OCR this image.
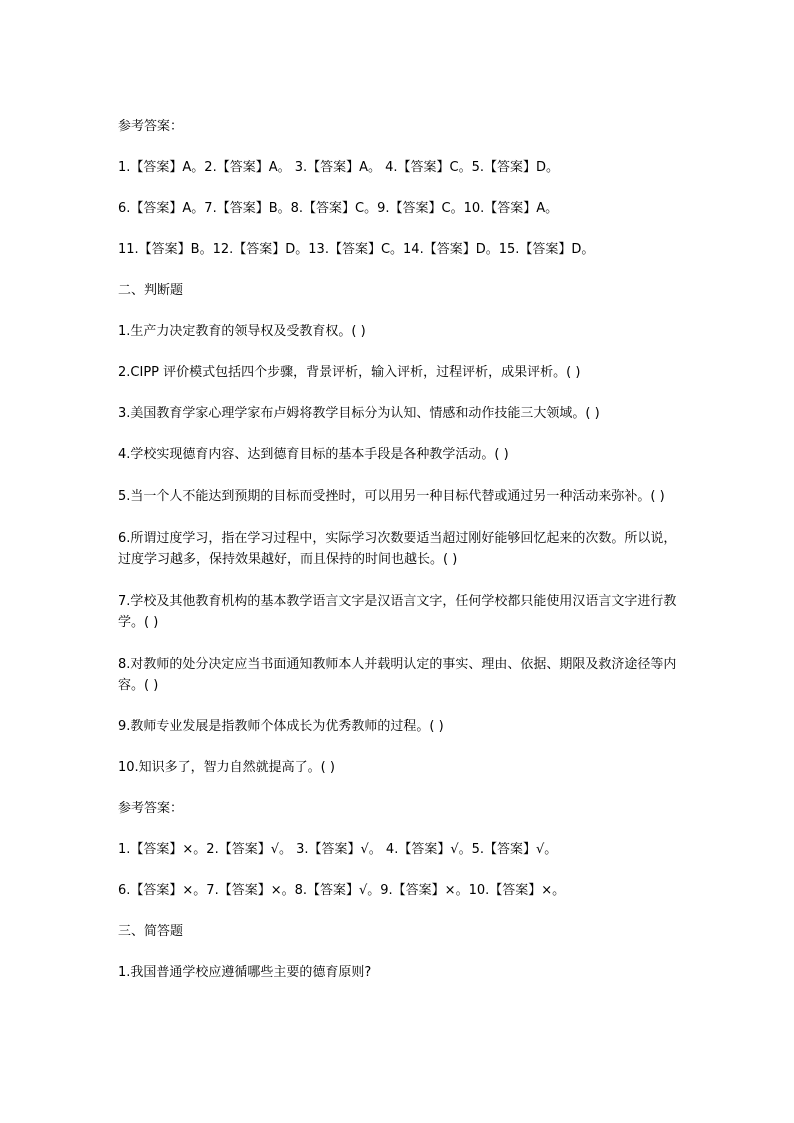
参考答案：
1.【答案】A。2.【答案】A。 3.【答案】A。 4.【答案】C。5.【答案】D。
6.【答案】A。7.【答案】B。8.【答案】C。9.【答案】C。10.【答案】A。
11.【答案】B。12.【答案】D。13.【答案】C。14.【答案】D。15.【答案】D。
二、判断题
1.生产力决定教育的领导权及受教育权。( )
2.CIPP 评价模式包括四个步骤，背景评析，输入评析，过程评析，成果评析。( )
3.美国教育学家心理学家布卢姆将教学目标分为认知、情感和动作技能三大领域。( )
4.学校实现德育内容、达到德育目标的基本手段是各种教学活动。( )
5.当一个人不能达到预期的目标而受挫时，可以用另一种目标代替或通过另一种活动来弥补。( )
6.所谓过度学习，指在学习过程中，实际学习次数要适当超过刚好能够回忆起来的次数。所以说， 过度学习越多，保持效果越好，而且保持的时间也越长。( )
7.学校及其他教育机构的基本教学语言文字是汉语言文字，任何学校都只能使用汉语言文字进行教学。( )
8.对教师的处分决定应当书面通知教师本人并载明认定的事实、理由、依据、期限及救济途径等内容。( )
9.教师专业发展是指教师个体成长为优秀教师的过程。( )
10.知识多了，智力自然就提高了。( )
参考答案：
1.【答案】×。2.【答案】√。 3.【答案】√。 4.【答案】√。5.【答案】√。
6.【答案】×。7.【答案】×。8.【答案】√。9.【答案】×。10.【答案】×。
三、简答题
1.我国普通学校应遵循哪些主要的德育原则?
